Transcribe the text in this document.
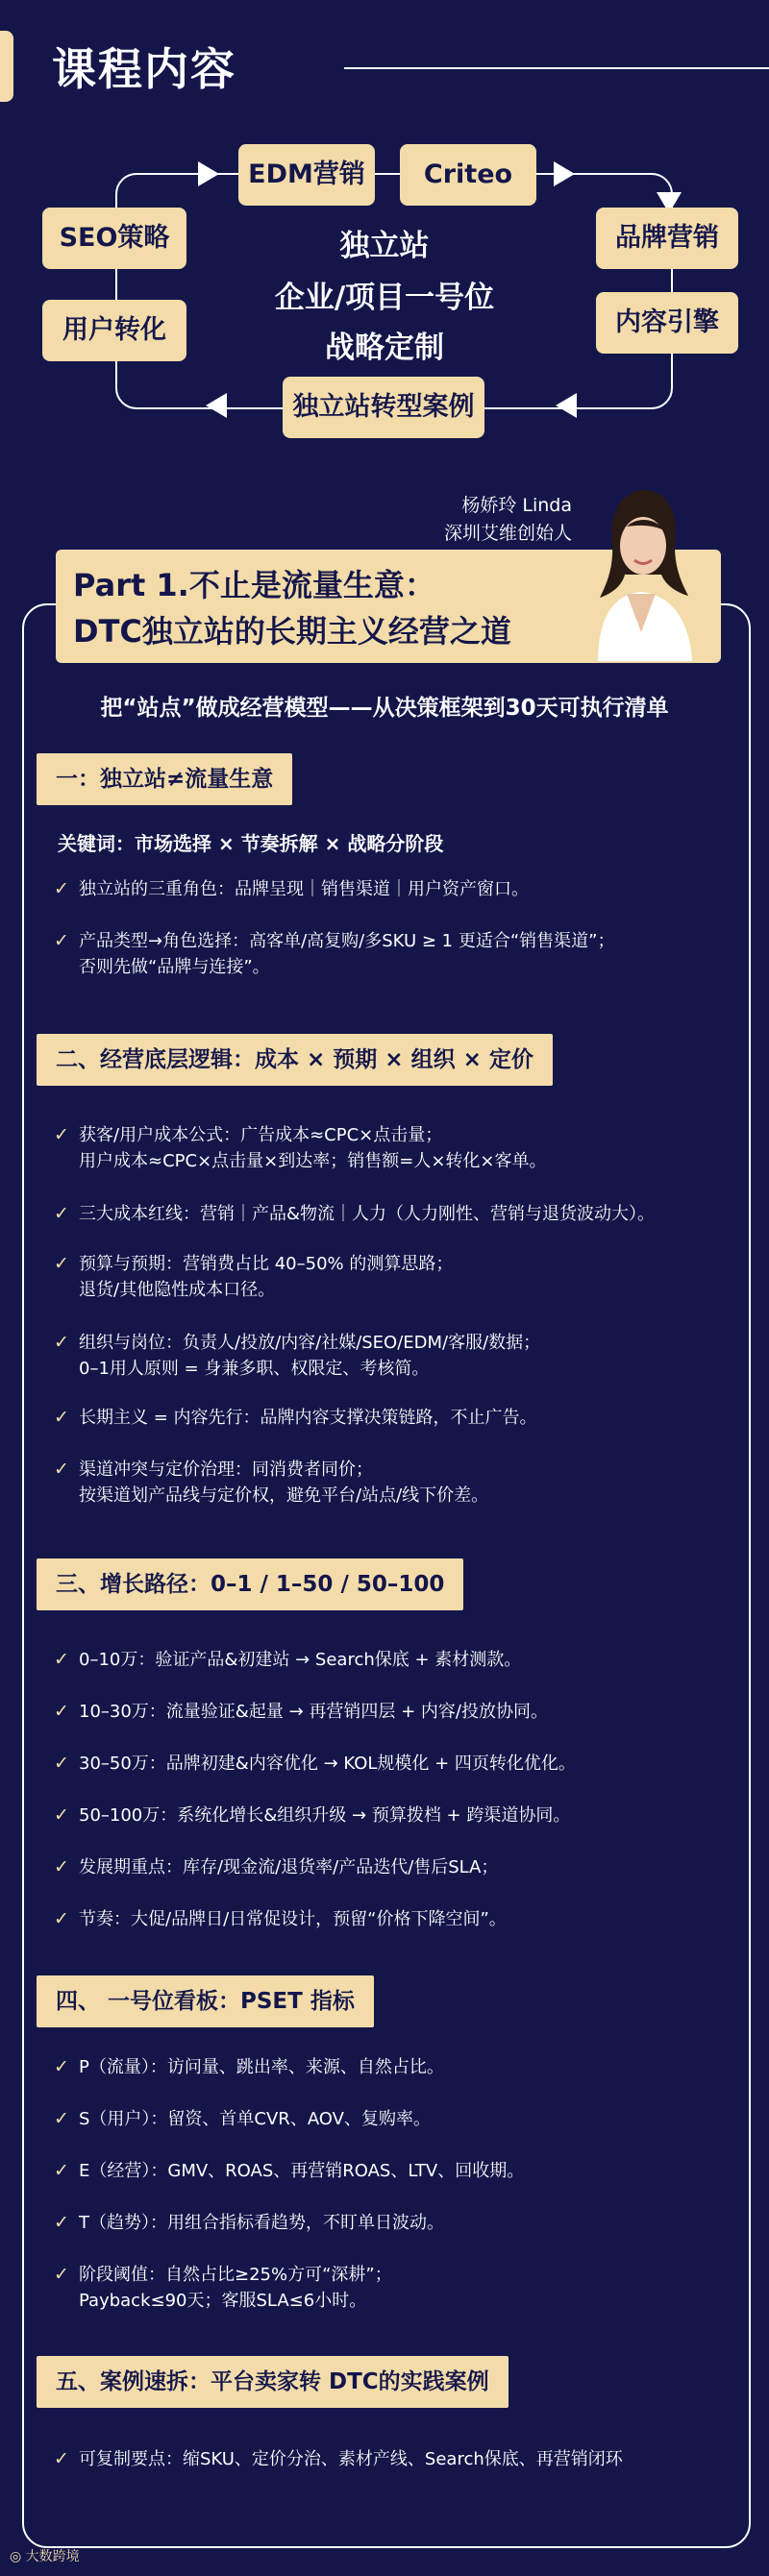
课程内容
EDM营销	Criteo
SEO策略	品牌营销
用户转化	内容引擎
独立站转型案例
独立站
企业/项目一号位
战略定制
杨娇玲 Linda
深圳艾维创始人
Part 1.不止是流量生意：
DTC独立站的长期主义经营之道
把“站点”做成经营模型——从决策框架到30天可执行清单
一：独立站≠流量生意
关键词：市场选择 × 节奏拆解 × 战略分阶段
✓ 独立站的三重角色：品牌呈现｜销售渠道｜用户资产窗口。
✓ 产品类型→角色选择：高客单/高复购/多SKU ≥ 1 更适合“销售渠道”；
否则先做“品牌与连接”。
二、经营底层逻辑：成本 × 预期 × 组织 × 定价
✓ 获客/用户成本公式：广告成本≈CPC×点击量；
用户成本≈CPC×点击量×到达率；销售额=人×转化×客单。
✓ 三大成本红线：营销｜产品&物流｜人力（人力刚性、营销与退货波动大）。
✓ 预算与预期：营销费占比 40–50% 的测算思路；
退货/其他隐性成本口径。
✓ 组织与岗位：负责人/投放/内容/社媒/SEO/EDM/客服/数据；
0–1用人原则 = 身兼多职、权限定、考核简。
✓ 长期主义 = 内容先行：品牌内容支撑决策链路，不止广告。
✓ 渠道冲突与定价治理：同消费者同价；
按渠道划产品线与定价权，避免平台/站点/线下价差。
三、增长路径：0–1 / 1–50 / 50–100
✓ 0–10万：验证产品&初建站 → Search保底 + 素材测款。
✓ 10–30万：流量验证&起量 → 再营销四层 + 内容/投放协同。
✓ 30–50万：品牌初建&内容优化 → KOL规模化 + 四页转化优化。
✓ 50–100万：系统化增长&组织升级 → 预算拨档 + 跨渠道协同。
✓ 发展期重点：库存/现金流/退货率/产品迭代/售后SLA；
✓ 节奏：大促/品牌日/日常促设计，预留“价格下降空间”。
四、 一号位看板：PSET 指标
✓ P（流量）：访问量、跳出率、来源、自然占比。
✓ S（用户）：留资、首单CVR、AOV、复购率。
✓ E（经营）：GMV、ROAS、再营销ROAS、LTV、回收期。
✓ T（趋势）：用组合指标看趋势，不盯单日波动。
✓ 阶段阈值：自然占比≥25%方可“深耕”；
Payback≤90天；客服SLA≤6小时。
五、案例速拆：平台卖家转 DTC的实践案例
✓ 可复制要点：缩SKU、定价分治、素材产线、Search保底、再营销闭环
◎ 大数跨境
